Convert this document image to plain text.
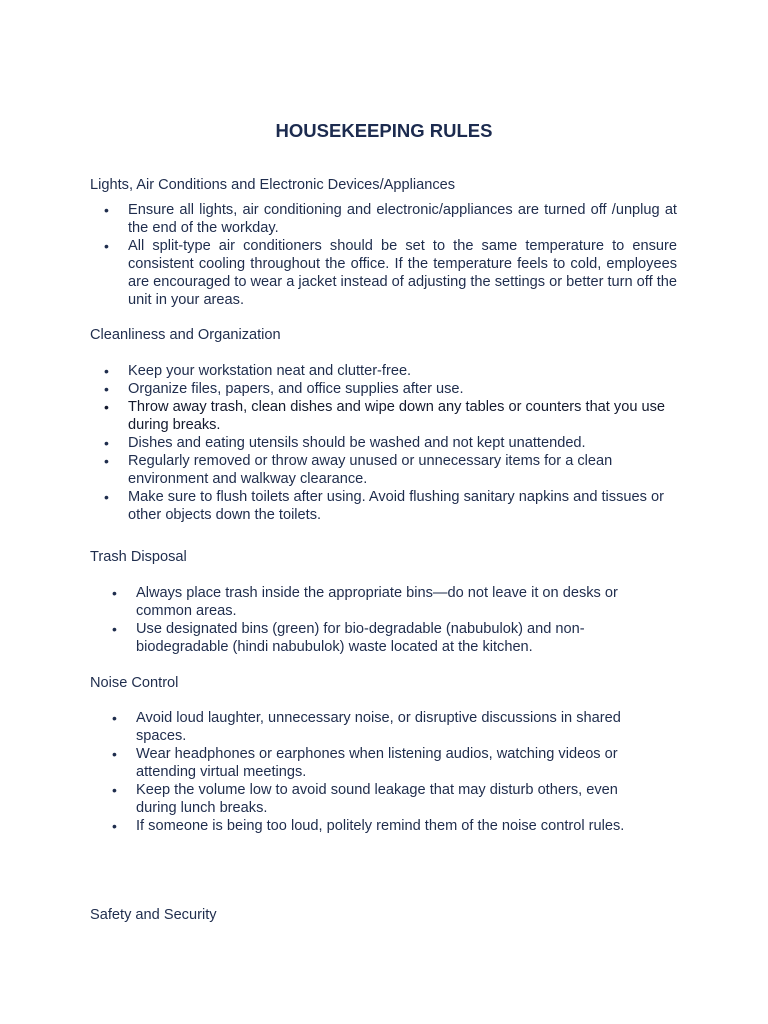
HOUSEKEEPING RULES
Lights, Air Conditions and Electronic Devices/Appliances
• Ensure all lights, air conditioning and electronic/appliances are turned off /unplug at the end of the workday.
• All split-type air conditioners should be set to the same temperature to ensure consistent cooling throughout the office. If the temperature feels to cold, employees are encouraged to wear a jacket instead of adjusting the settings or better turn off the unit in your areas.
Cleanliness and Organization
• Keep your workstation neat and clutter-free.
• Organize files, papers, and office supplies after use.
• Throw away trash, clean dishes and wipe down any tables or counters that you use during breaks.
• Dishes and eating utensils should be washed and not kept unattended.
• Regularly removed or throw away unused or unnecessary items for a clean environment and walkway clearance.
• Make sure to flush toilets after using. Avoid flushing sanitary napkins and tissues or other objects down the toilets.
Trash Disposal
• Always place trash inside the appropriate bins—do not leave it on desks or common areas.
• Use designated bins (green) for bio-degradable (nabubulok) and non-biodegradable (hindi nabubulok) waste located at the kitchen.
Noise Control
• Avoid loud laughter, unnecessary noise, or disruptive discussions in shared spaces.
• Wear headphones or earphones when listening audios, watching videos or attending virtual meetings.
• Keep the volume low to avoid sound leakage that may disturb others, even during lunch breaks.
• If someone is being too loud, politely remind them of the noise control rules.
Safety and Security
